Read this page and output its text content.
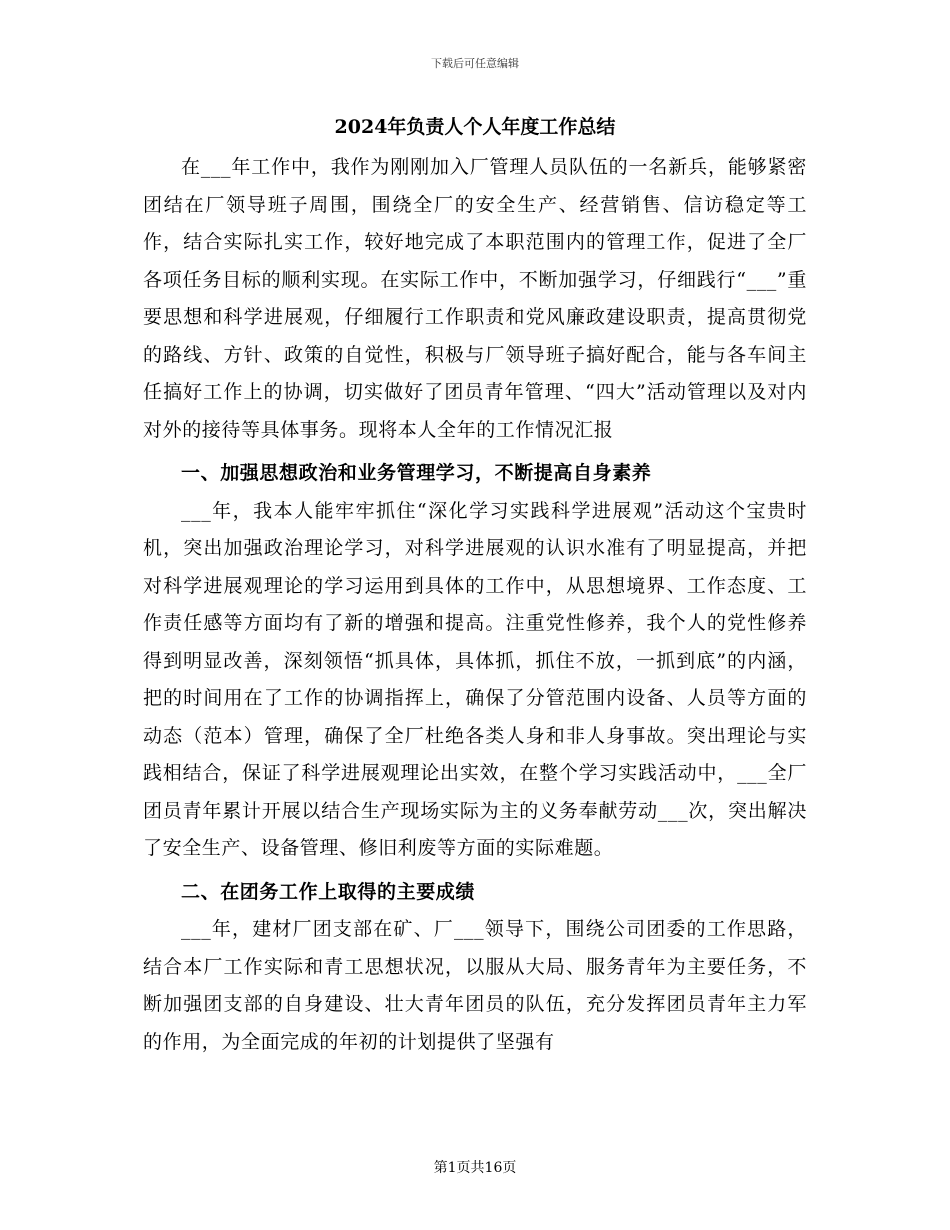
下载后可任意编辑
2024年负责人个人年度工作总结

在___年工作中，我作为刚刚加入厂管理人员队伍的一名新兵，能够紧密团结在厂领导班子周围，围绕全厂的安全生产、经营销售、信访稳定等工作，结合实际扎实工作，较好地完成了本职范围内的管理工作，促进了全厂各项任务目标的顺利实现。在实际工作中，不断加强学习，仔细践行“___”重要思想和科学进展观，仔细履行工作职责和党风廉政建设职责，提高贯彻党的路线、方针、政策的自觉性，积极与厂领导班子搞好配合，能与各车间主任搞好工作上的协调，切实做好了团员青年管理、“四大”活动管理以及对内对外的接待等具体事务。现将本人全年的工作情况汇报

一、加强思想政治和业务管理学习，不断提高自身素养

___年，我本人能牢牢抓住“深化学习实践科学进展观”活动这个宝贵时机，突出加强政治理论学习，对科学进展观的认识水准有了明显提高，并把对科学进展观理论的学习运用到具体的工作中，从思想境界、工作态度、工作责任感等方面均有了新的增强和提高。注重党性修养，我个人的党性修养得到明显改善，深刻领悟“抓具体，具体抓，抓住不放，一抓到底”的内涵，把的时间用在了工作的协调指挥上，确保了分管范围内设备、人员等方面的动态（范本）管理，确保了全厂杜绝各类人身和非人身事故。突出理论与实践相结合，保证了科学进展观理论出实效，在整个学习实践活动中，___全厂团员青年累计开展以结合生产现场实际为主的义务奉献劳动___次，突出解决了安全生产、设备管理、修旧利废等方面的实际难题。

二、在团务工作上取得的主要成绩

___年，建材厂团支部在矿、厂___领导下，围绕公司团委的工作思路，结合本厂工作实际和青工思想状况，以服从大局、服务青年为主要任务，不断加强团支部的自身建设、壮大青年团员的队伍，充分发挥团员青年主力军的作用，为全面完成的年初的计划提供了坚强有

第1页共16页
